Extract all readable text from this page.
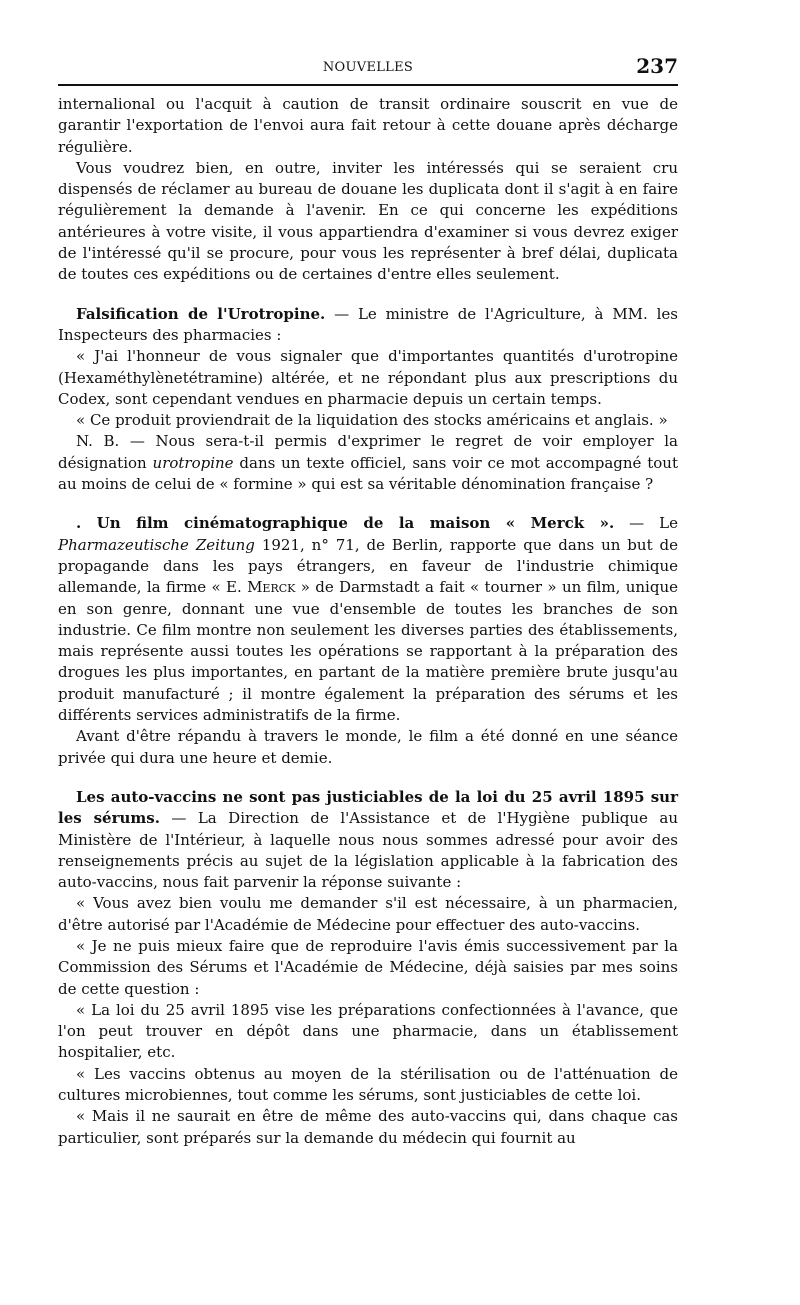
NOUVELLES	237

internalional ou l'acquit à caution de transit ordinaire souscrit en vue de garantir l'exportation de l'envoi aura fait retour à cette douane après décharge régulière.

Vous voudrez bien, en outre, inviter les intéressés qui se seraient cru dispensés de réclamer au bureau de douane les duplicata dont il s'agit à en faire régulièrement la demande à l'avenir. En ce qui concerne les expéditions antérieures à votre visite, il vous appartiendra d'examiner si vous devrez exiger de l'intéressé qu'il se procure, pour vous les représenter à bref délai, duplicata de toutes ces expéditions ou de certaines d'entre elles seulement.

Falsification de l'Urotropine. — Le ministre de l'Agriculture, à MM. les Inspecteurs des pharmacies :

« J'ai l'honneur de vous signaler que d'importantes quantités d'urotropine (Hexaméthylènetétramine) altérée, et ne répondant plus aux prescriptions du Codex, sont cependant vendues en pharmacie depuis un certain temps.

« Ce produit proviendrait de la liquidation des stocks américains et anglais. »

N. B. — Nous sera-t-il permis d'exprimer le regret de voir employer la désignation urotropine dans un texte officiel, sans voir ce mot accompagné tout au moins de celui de « formine » qui est sa véritable dénomination française ?

. Un film cinématographique de la maison « Merck ». — Le Pharmazeutische Zeitung 1921, n° 71, de Berlin, rapporte que dans un but de propagande dans les pays étrangers, en faveur de l'industrie chimique allemande, la firme « E. Merck » de Darmstadt a fait « tourner » un film, unique en son genre, donnant une vue d'ensemble de toutes les branches de son industrie. Ce film montre non seulement les diverses parties des établissements, mais représente aussi toutes les opérations se rapportant à la préparation des drogues les plus importantes, en partant de la matière première brute jusqu'au produit manufacturé ; il montre également la préparation des sérums et les différents services administratifs de la firme.

Avant d'être répandu à travers le monde, le film a été donné en une séance privée qui dura une heure et demie.

Les auto-vaccins ne sont pas justiciables de la loi du 25 avril 1895 sur les sérums. — La Direction de l'Assistance et de l'Hygiène publique au Ministère de l'Intérieur, à laquelle nous nous sommes adressé pour avoir des renseignements précis au sujet de la législation applicable à la fabrication des auto-vaccins, nous fait parvenir la réponse suivante :

« Vous avez bien voulu me demander s'il est nécessaire, à un pharmacien, d'être autorisé par l'Académie de Médecine pour effectuer des auto-vaccins.

« Je ne puis mieux faire que de reproduire l'avis émis successivement par la Commission des Sérums et l'Académie de Médecine, déjà saisies par mes soins de cette question :

« La loi du 25 avril 1895 vise les préparations confectionnées à l'avance, que l'on peut trouver en dépôt dans une pharmacie, dans un établissement hospitalier, etc.

« Les vaccins obtenus au moyen de la stérilisation ou de l'atténuation de cultures microbiennes, tout comme les sérums, sont justiciables de cette loi.

« Mais il ne saurait en être de même des auto-vaccins qui, dans chaque cas particulier, sont préparés sur la demande du médecin qui fournit au
